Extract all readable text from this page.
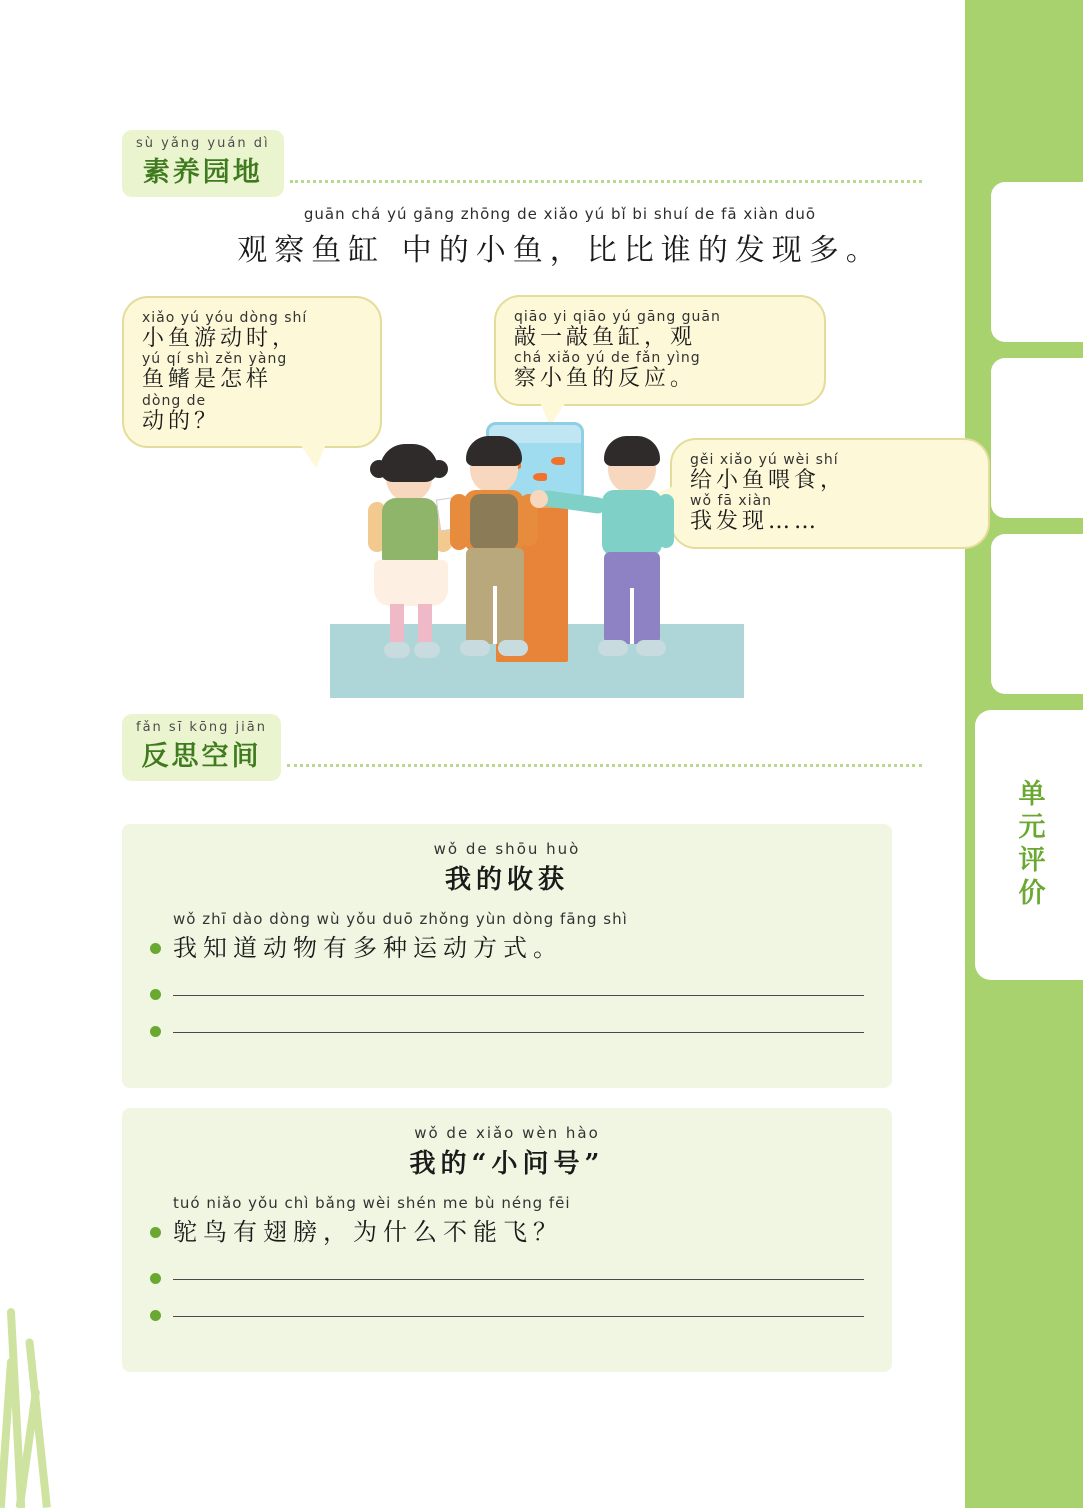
单元评价
sù yǎng yuán dì
素养园地
guān chá yú gāng zhōng de xiǎo yú bǐ bi shuí de fā xiàn duō
观察鱼缸 中的小鱼，比比谁的发现多。
xiǎo yú yóu dòng shí
小鱼游动时，
yú qí shì zěn yàng
鱼鳍是怎样
dòng de
动的？
qiāo yi qiāo yú gāng guān
敲一敲鱼缸，观
chá xiǎo yú de fǎn yìng
察小鱼的反应。
gěi xiǎo yú wèi shí
给小鱼喂食，
wǒ fā xiàn
我发现……
fǎn sī kōng jiān
反思空间
wǒ de shōu huò
我的收获
wǒ zhī dào dòng wù yǒu duō zhǒng yùn dòng fāng shì
我知道动物有多种运动方式。
wǒ de xiǎo wèn hào
我的“小问号”
tuó niǎo yǒu chì bǎng wèi shén me bù néng fēi
鸵鸟有翅膀，为什么不能飞？
